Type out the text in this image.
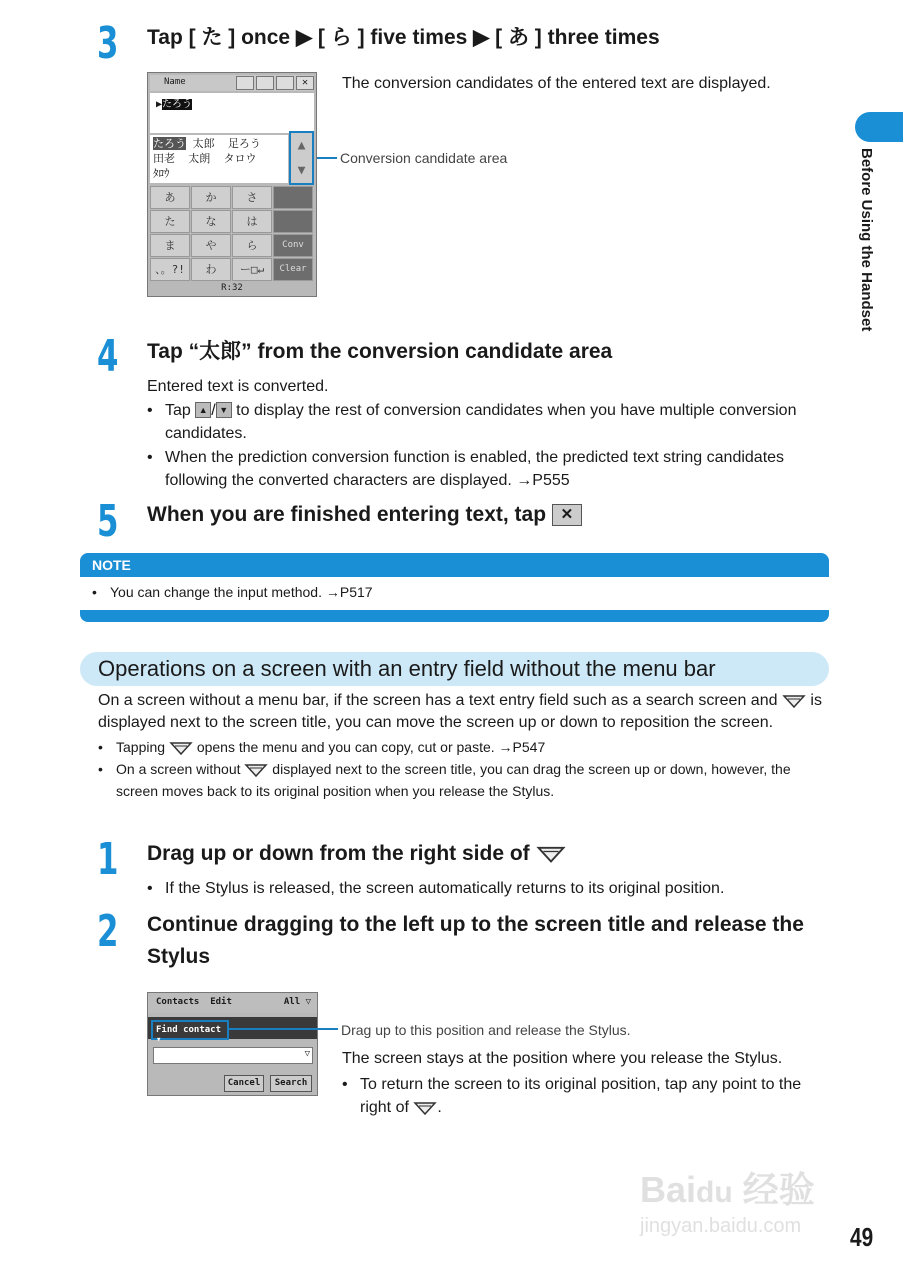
Before Using the Handset
3 Tap [ た ] once ▶ [ ら ] five times ▶ [ あ ] three times
The conversion candidates of the entered text are displayed.
Name	✕
▶たろう
たろう 太郎 足ろう
田老 太朗 タロウ
ﾀﾛｳ
▲
▼
あ	か	さ
た	な	は
ま	や	ら	Conv
、。?!	わ	ー□↵	Clear
R:32
Conversion candidate area
4 Tap “太郎” from the conversion candidate area
Entered text is converted.
• Tap ▲ / ▼ to display the rest of conversion candidates when you have multiple conversion candidates.
• When the prediction conversion function is enabled, the predicted text string candidates following the converted characters are displayed. →P555
5 When you are finished entering text, tap ✕
NOTE
• You can change the input method. →P517
Operations on a screen with an entry field without the menu bar
On a screen without a menu bar, if the screen has a text entry field such as a search screen and is displayed next to the screen title, you can move the screen up or down to reposition the screen.
• Tapping opens the menu and you can copy, cut or paste. →P547
• On a screen without displayed next to the screen title, you can drag the screen up or down, however, the screen moves back to its original position when you release the Stylus.
1 Drag up or down from the right side of
• If the Stylus is released, the screen automatically returns to its original position.
2 Continue dragging to the left up to the screen title and release the Stylus
Contacts Edit	All ▽
Find contact ▾
▽
Cancel	Search
Drag up to this position and release the Stylus.
The screen stays at the position where you release the Stylus.
• To return the screen to its original position, tap any point to the right of .
Baidu 经验
jingyan.baidu.com	49
